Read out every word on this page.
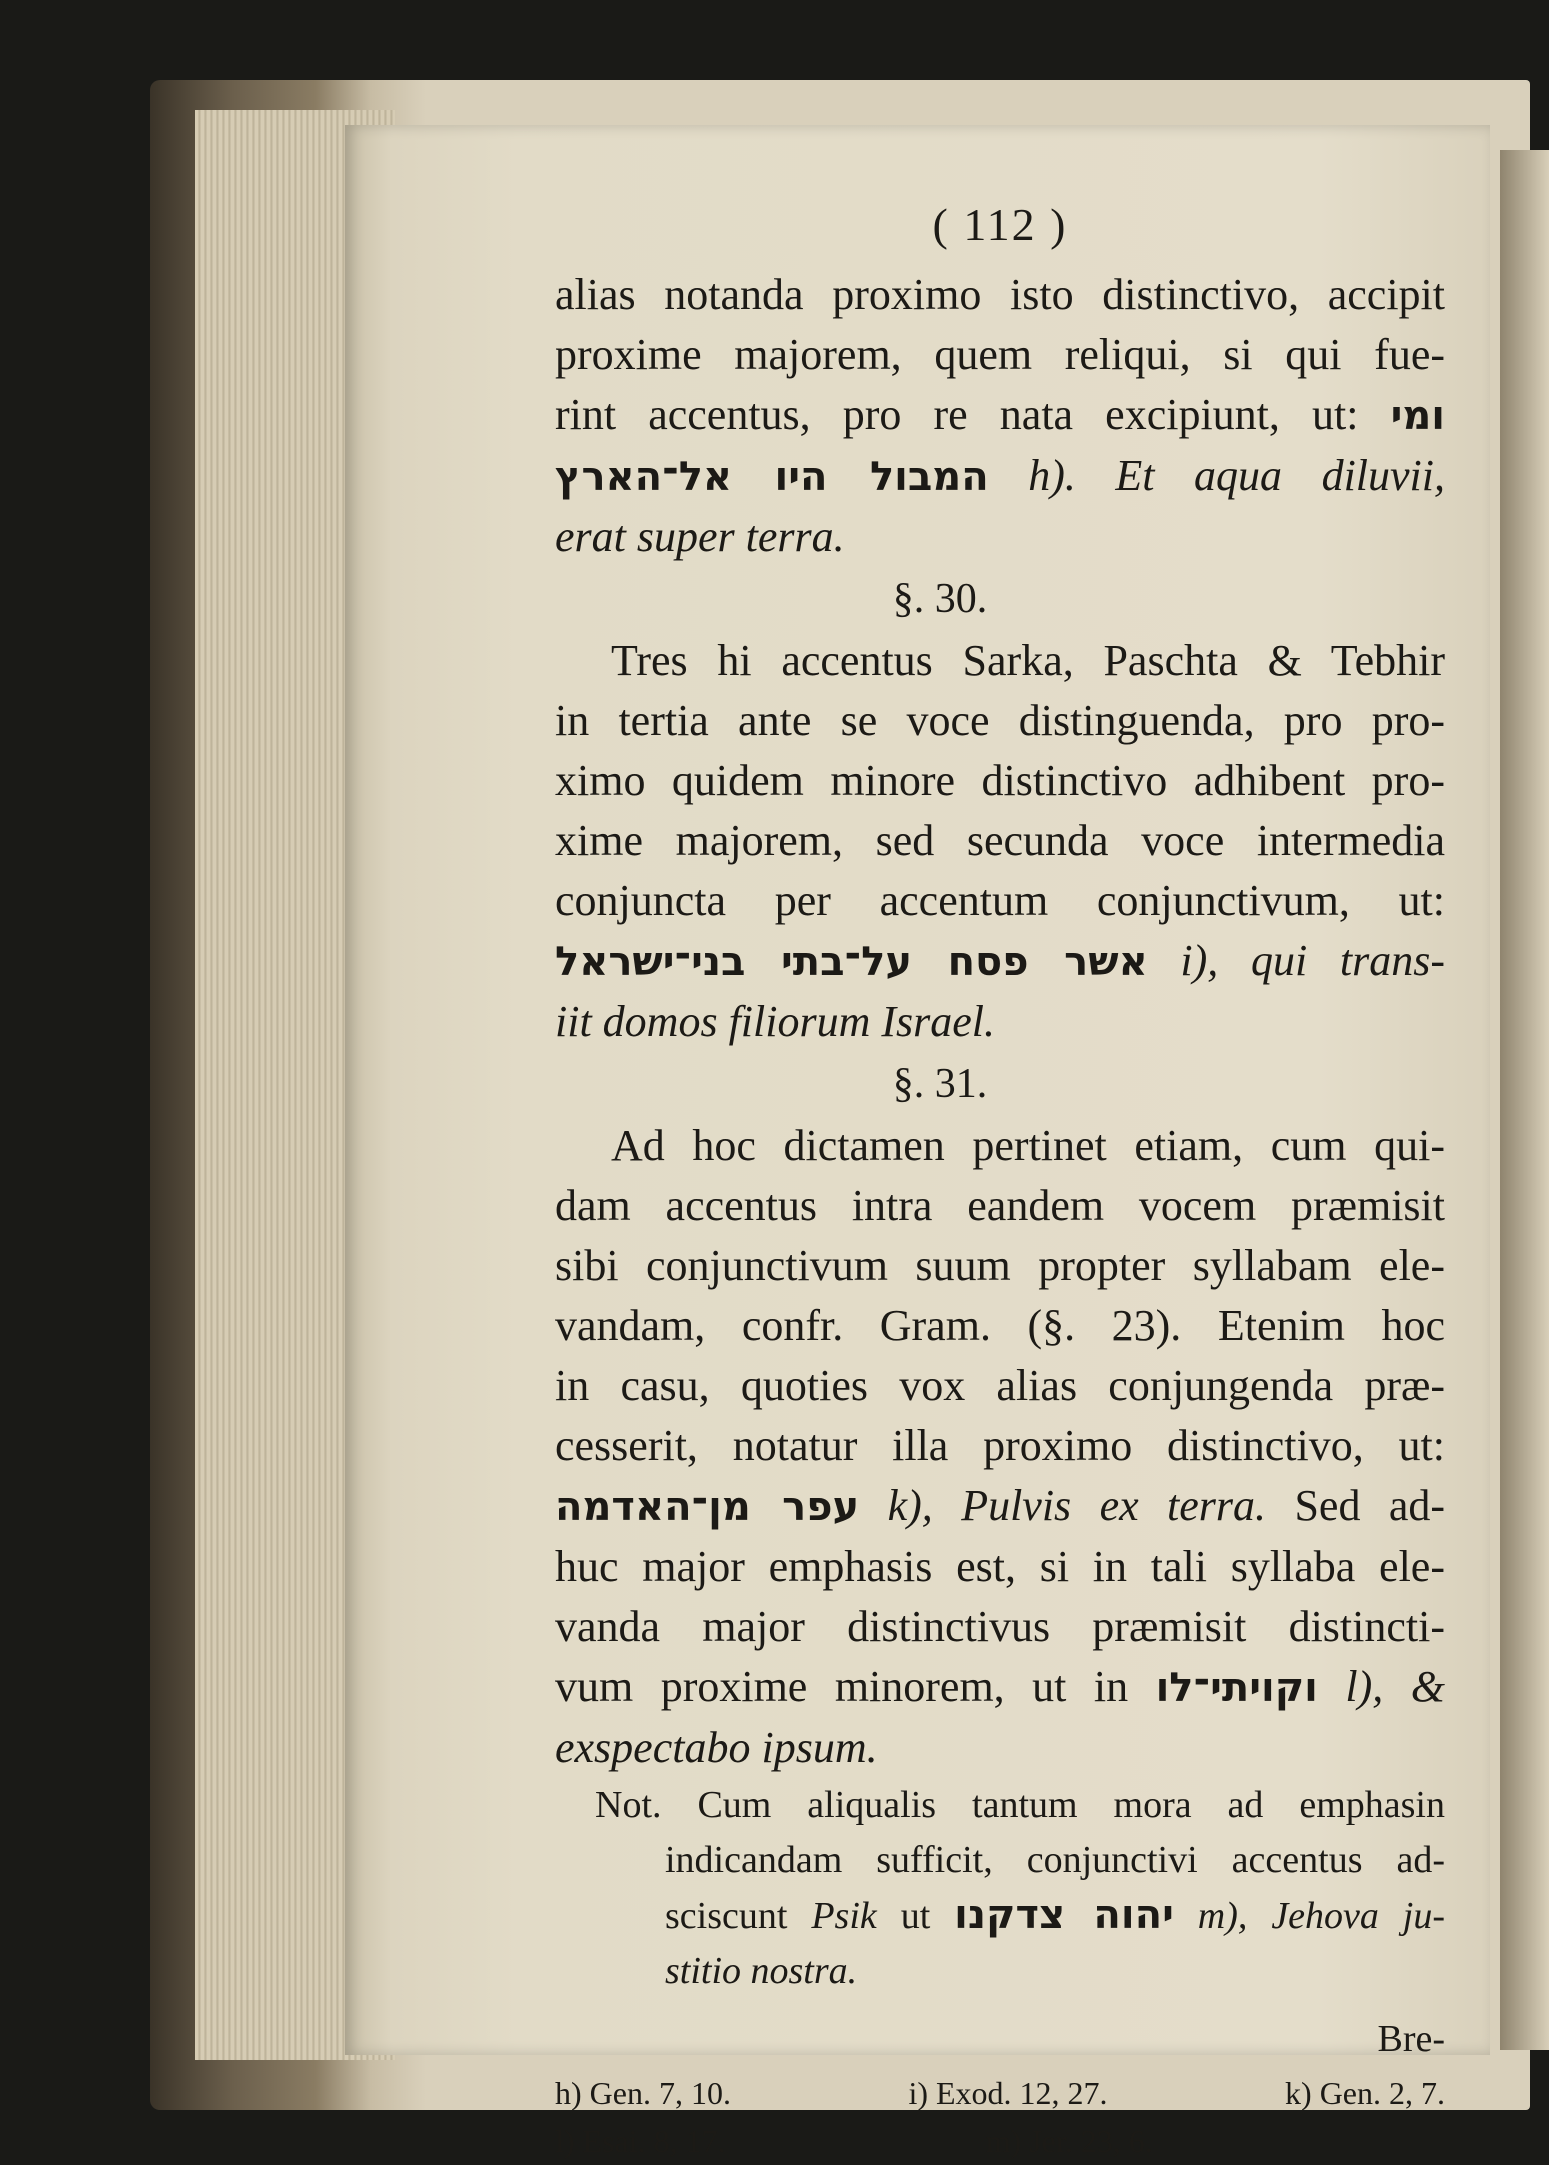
( 112 )
alias notanda proximo isto distinctivo, accipit
proxime majorem, quem reliqui, si qui fue-
rint accentus, pro re nata excipiunt, ut: ומי
המבול היו אל־הארץ h). Et aqua diluvii,
erat super terra.
§. 30.
Tres hi accentus Sarka, Paschta & Tebhir
in tertia ante se voce distinguenda, pro pro-
ximo quidem minore distinctivo adhibent pro-
xime majorem, sed secunda voce intermedia
conjuncta per accentum conjunctivum, ut:
אשר פסח על־בתי בני־ישראל i), qui trans-
iit domos filiorum Israel.
§. 31.
Ad hoc dictamen pertinet etiam, cum qui-
dam accentus intra eandem vocem præmisit
sibi conjunctivum suum propter syllabam ele-
vandam, confr. Gram. (§. 23). Etenim hoc
in casu, quoties vox alias conjungenda præ-
cesserit, notatur illa proximo distinctivo, ut:
עפר מן־האדמה k), Pulvis ex terra. Sed ad-
huc major emphasis est, si in tali syllaba ele-
vanda major distinctivus præmisit distincti-
vum proxime minorem, ut in וקויתי־לו l), &
exspectabo ipsum.
Not. Cum aliqualis tantum mora ad emphasin
indicandam sufficit, conjunctivi accentus ad-
sciscunt Psik ut יהוה צדקנו m), Jehova ju-
stitio nostra.
Bre-
h) Gen. 7, 10.	i) Exod. 12, 27.	k) Gen. 2, 7.
l) Esai. 8, 17.	m) Jer. 23, 6.
